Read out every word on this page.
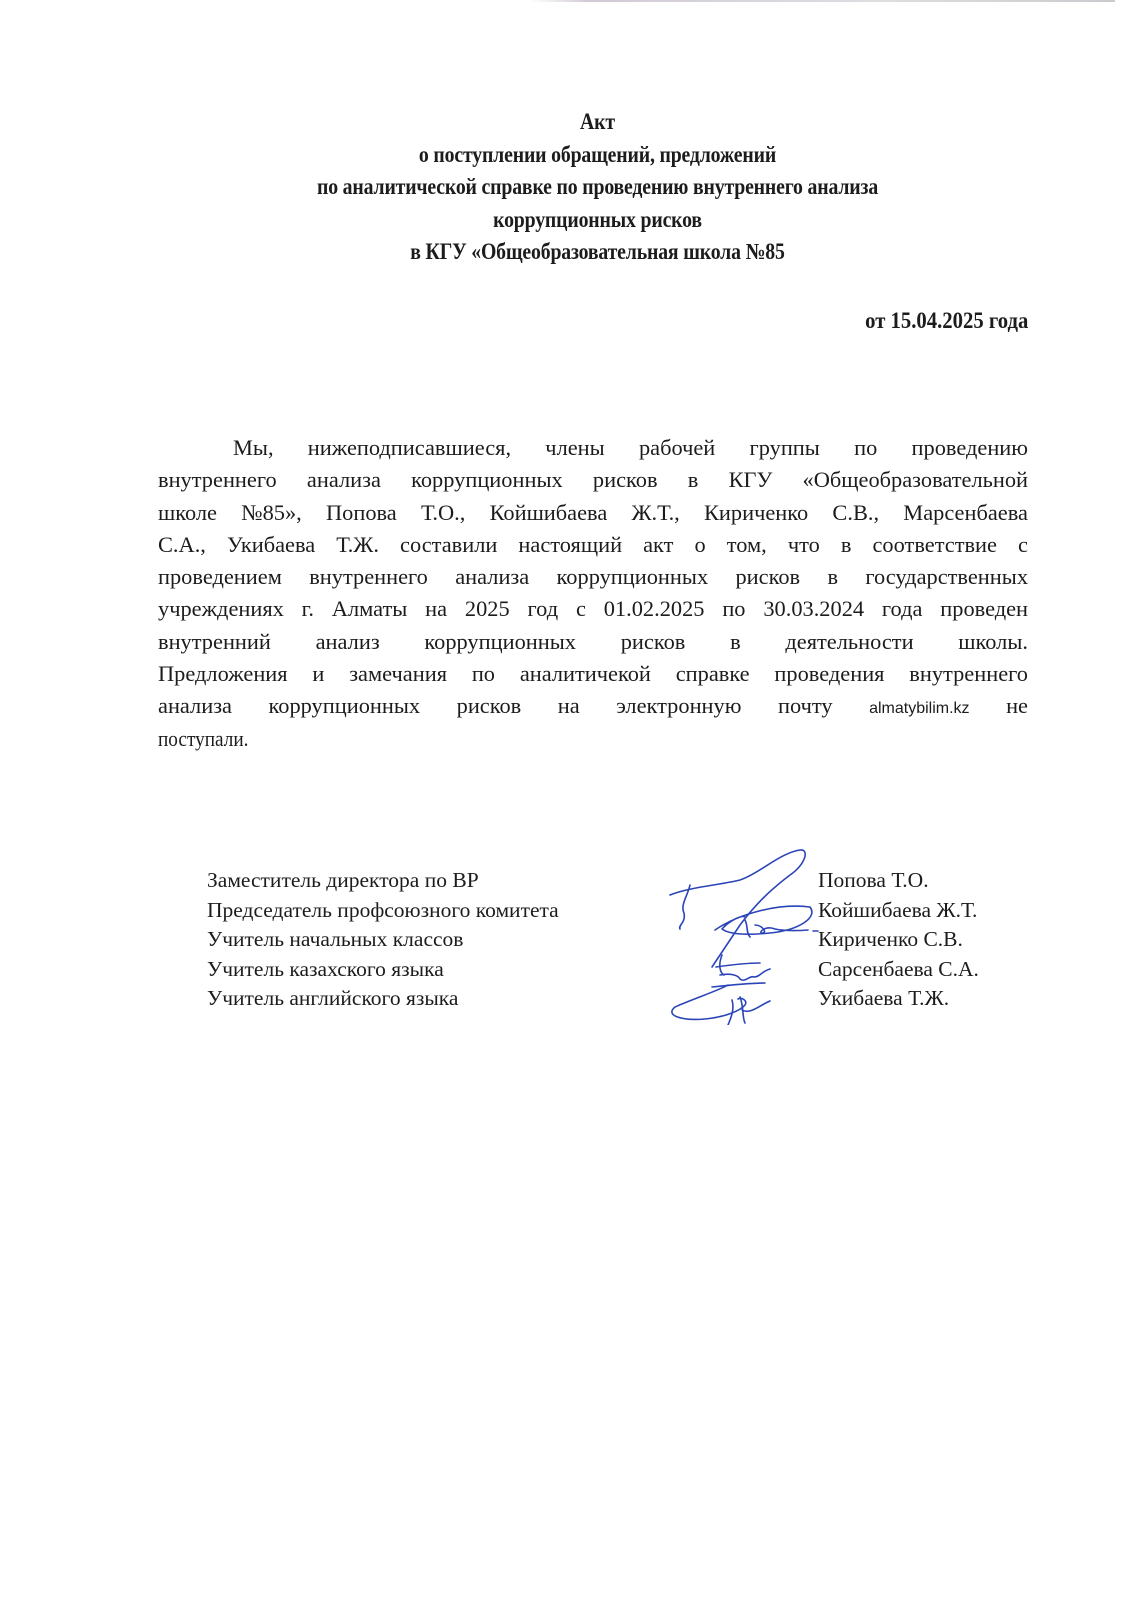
Акт
о поступлении обращений, предложений
по аналитической справке по проведению внутреннего анализа
коррупционных рисков
в КГУ «Общеобразовательная школа №85
от 15.04.2025 года
Мы, нижеподписавшиеся, члены рабочей группы по проведению
внутреннего анализа коррупционных рисков в КГУ «Общеобразовательной
школе №85», Попова Т.О., Койшибаева Ж.Т., Кириченко С.В., Марсенбаева
С.А., Укибаева Т.Ж. составили настоящий акт о том, что в соответствие с
проведением внутреннего анализа коррупционных рисков в государственных
учреждениях г. Алматы на 2025 год с 01.02.2025 по 30.03.2024 года проведен
внутренний анализ коррупционных рисков в деятельности школы.
Предложения и замечания по аналитичекой справке проведения внутреннего
анализа коррупционных рисков на электронную почту almatybilim.kz не
поступали.
Заместитель директора по ВР
Председатель профсоюзного комитета
Учитель начальных классов
Учитель казахского языка
Учитель английского языка
Попова Т.О.
Койшибаева Ж.Т.
Кириченко С.В.
Сарсенбаева С.А.
Укибаева Т.Ж.
